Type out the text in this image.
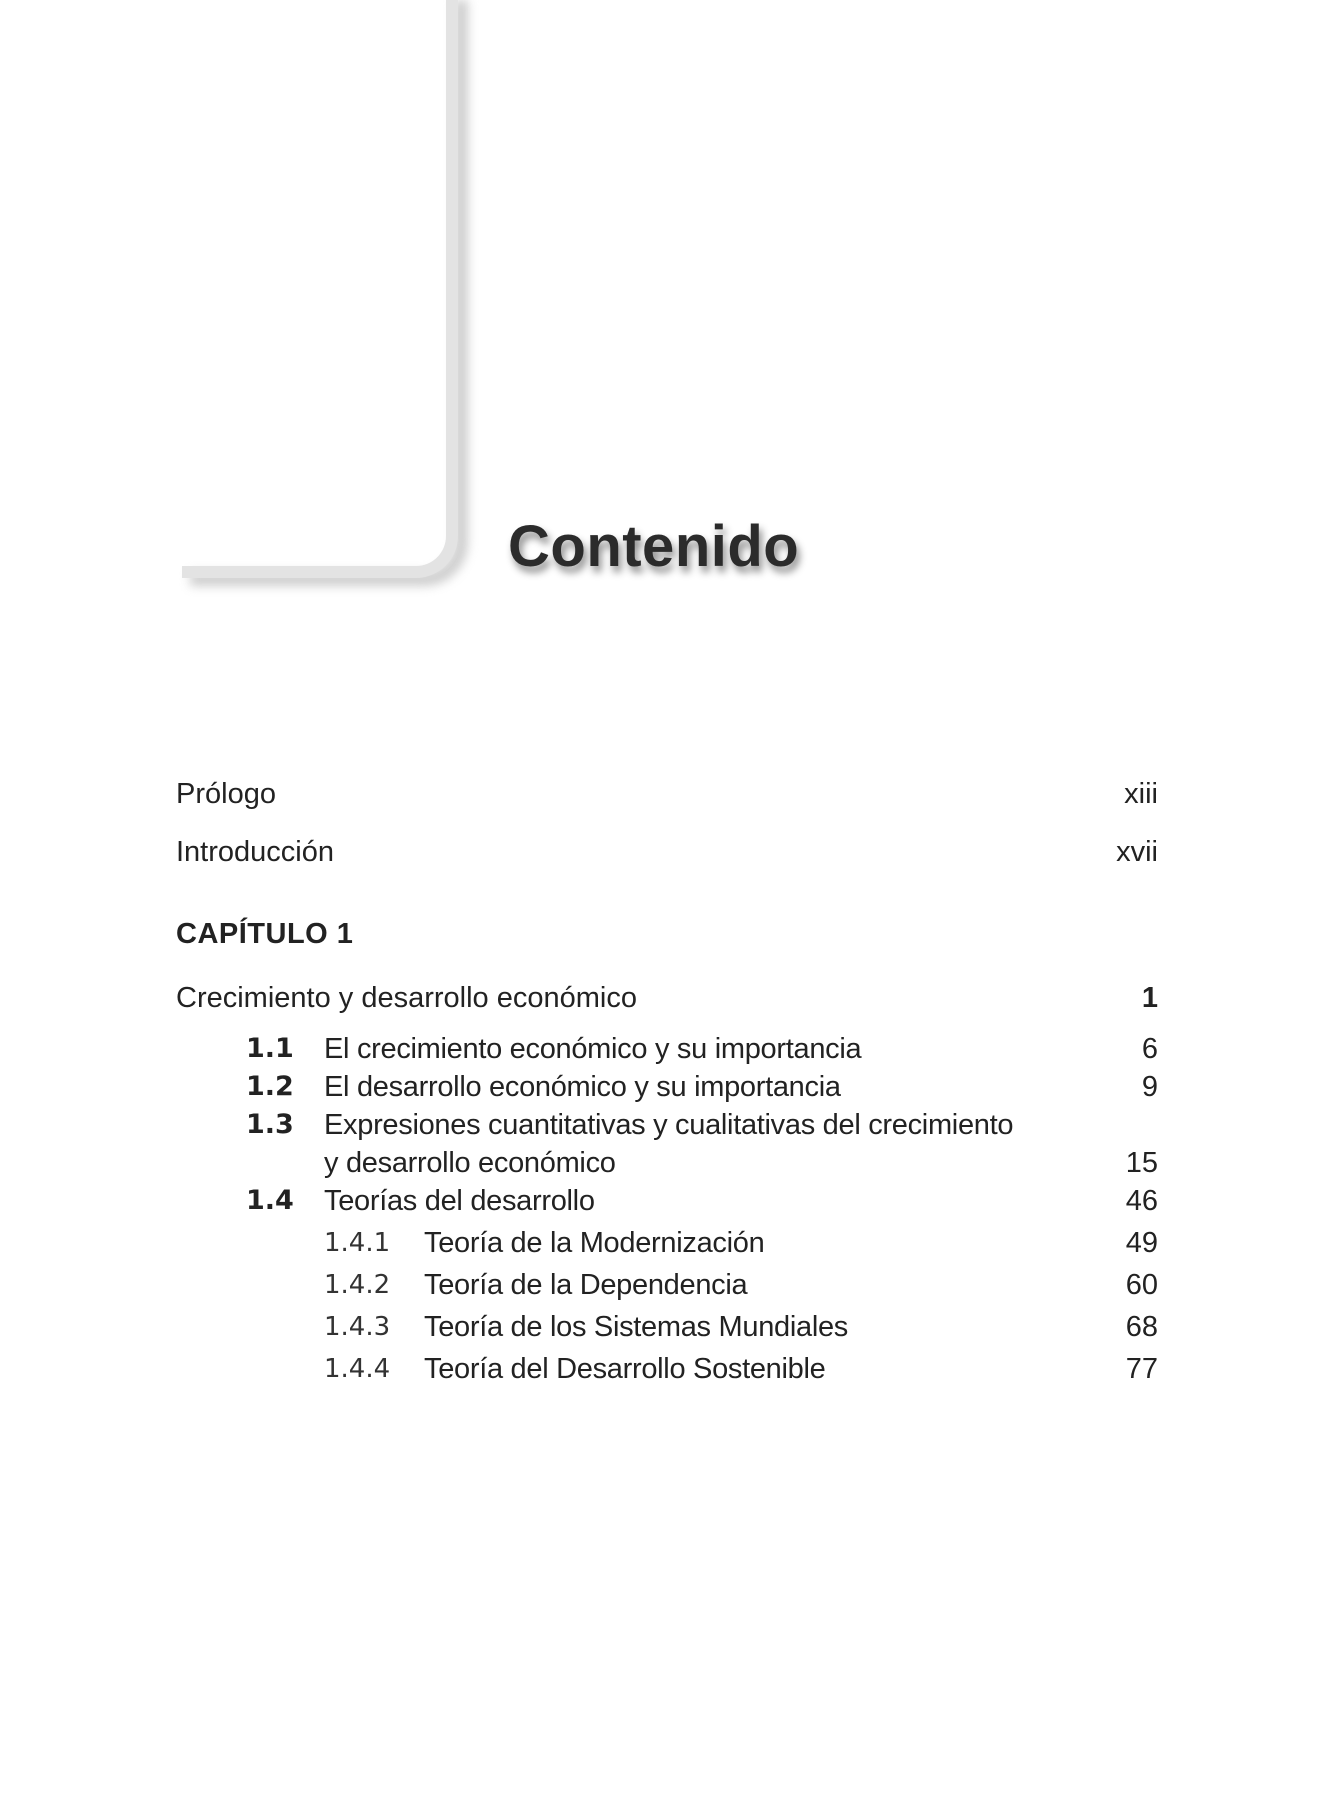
Contenido
Prólogo	xiii
Introducción	xvii
CAPÍTULO 1
Crecimiento y desarrollo económico	1
1.1 El crecimiento económico y su importancia	6
1.2 El desarrollo económico y su importancia	9
1.3 Expresiones cuantitativas y cualitativas del crecimiento
y desarrollo económico	15
1.4 Teorías del desarrollo	46
1.4.1 Teoría de la Modernización	49
1.4.2 Teoría de la Dependencia	60
1.4.3 Teoría de los Sistemas Mundiales	68
1.4.4 Teoría del Desarrollo Sostenible	77
